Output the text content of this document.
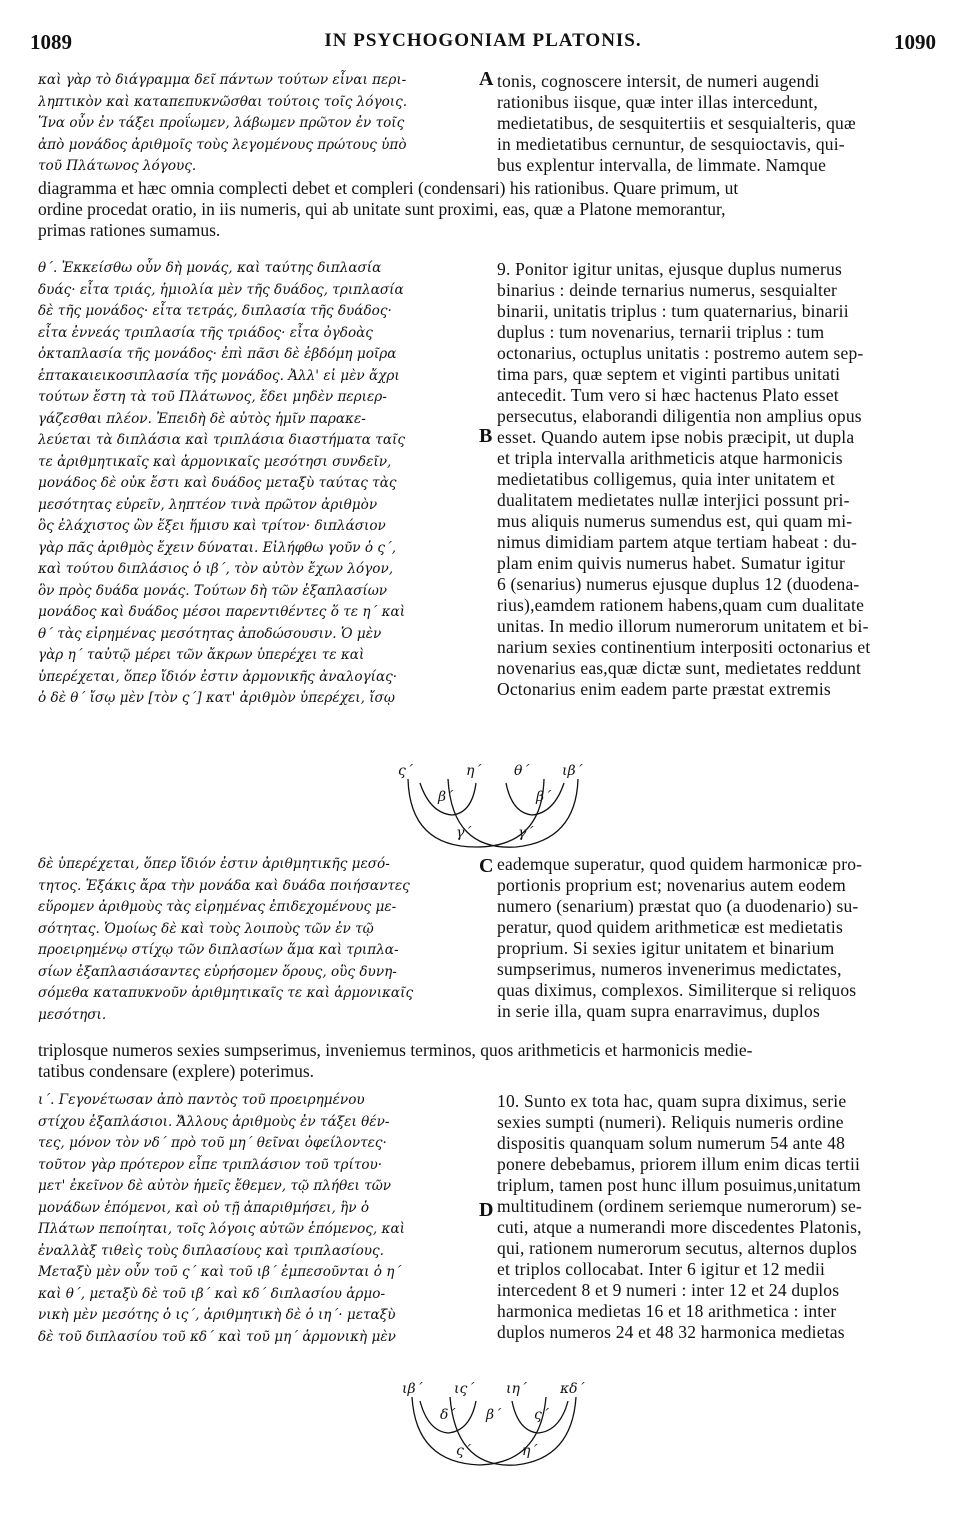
1089	IN PSYCHOGONIAM PLATONIS.	1090
καὶ γὰρ τὸ διάγραμμα δεῖ πάντων τούτων εἶναι περι-
ληπτικὸν καὶ καταπεπυκνῶσθαι τούτοις τοῖς λόγοις.
Ἵνα οὖν ἐν τάξει προΐωμεν, λάβωμεν πρῶτον ἐν τοῖς
ἀπὸ μονάδος ἀριθμοῖς τοὺς λεγομένους πρώτους ὑπὸ
τοῦ Πλάτωνος λόγους.
A tonis, cognoscere intersit, de numeri augendi
rationibus iisque, quæ inter illas intercedunt,
medietatibus, de sesquitertiis et sesquialteris, quæ
in medietatibus cernuntur, de sesquioctavis, qui-
bus explentur intervalla, de limmate. Namque
diagramma et hæc omnia complecti debet et compleri (condensari) his rationibus. Quare primum, ut
ordine procedat oratio, in iis numeris, qui ab unitate sunt proximi, eas, quæ a Platone memorantur,
primas rationes sumamus.
θ΄. Ἐκκείσθω οὖν δὴ μονάς, καὶ ταύτης διπλασία
δυάς· εἶτα τριάς, ἡμιολία μὲν τῆς δυάδος, τριπλασία
δὲ τῆς μονάδος· εἶτα τετράς, διπλασία τῆς δυάδος·
εἶτα ἐννεάς τριπλασία τῆς τριάδος· εἶτα ὀγδοὰς
ὀκταπλασία τῆς μονάδος· ἐπὶ πᾶσι δὲ ἑβδόμη μοῖρα
ἑπτακαιεικοσιπλασία τῆς μονάδος. Ἀλλ' εἰ μὲν ἄχρι
τούτων ἔστη τὰ τοῦ Πλάτωνος, ἔδει μηδὲν περιερ-
γάζεσθαι πλέον. Ἐπειδὴ δὲ αὐτὸς ἡμῖν παρακε-
λεύεται τὰ διπλάσια καὶ τριπλάσια διαστήματα ταῖς
τε ἀριθμητικαῖς καὶ ἁρμονικαῖς μεσότησι συνδεῖν,
μονάδος δὲ οὐκ ἔστι καὶ δυάδος μεταξὺ ταύτας τὰς
μεσότητας εὑρεῖν, ληπτέον τινὰ πρῶτον ἀριθμὸν
ὃς ἐλάχιστος ὢν ἕξει ἥμισυ καὶ τρίτον· διπλάσιον
γὰρ πᾶς ἀριθμὸς ἔχειν δύναται. Εἰλήφθω γοῦν ὁ ς΄,
καὶ τούτου διπλάσιος ὁ ιβ΄, τὸν αὐτὸν ἔχων λόγον,
ὃν πρὸς δυάδα μονάς. Τούτων δὴ τῶν ἑξαπλασίων
μονάδος καὶ δυάδος μέσοι παρεντιθέντες ὅ τε η΄ καὶ
θ΄ τὰς εἰρημένας μεσότητας ἀποδώσουσιν. Ὁ μὲν
γὰρ η΄ ταὐτῷ μέρει τῶν ἄκρων ὑπερέχει τε καὶ
ὑπερέχεται, ὅπερ ἴδιόν ἐστιν ἁρμονικῆς ἀναλογίας·
ὁ δὲ θ΄ ἴσῳ μὲν [τὸν ς΄] κατ' ἀριθμὸν ὑπερέχει, ἴσῳ
B
9. Ponitor igitur unitas, ejusque duplus numerus
binarius : deinde ternarius numerus, sesquialter
binarii, unitatis triplus : tum quaternarius, binarii
duplus : tum novenarius, ternarii triplus : tum
octonarius, octuplus unitatis : postremo autem sep-
tima pars, quæ septem et viginti partibus unitati
antecedit. Tum vero si hæc hactenus Plato esset
persecutus, elaborandi diligentia non amplius opus
esset. Quando autem ipse nobis præcipit, ut dupla
et tripla intervalla arithmeticis atque harmonicis
medietatibus colligemus, quia inter unitatem et
dualitatem medietates nullæ interjici possunt pri-
mus aliquis numerus sumendus est, qui quam mi-
nimus dimidiam partem atque tertiam habeat : du-
plam enim quivis numerus habet. Sumatur igitur
6 (senarius) numerus ejusque duplus 12 (duodena-
rius),eamdem rationem habens,quam cum dualitate
unitas. In medio illorum numerorum unitatem et bi-
narium sexies continentium interpositi octonarius et
novenarius eas,quæ dictæ sunt, medietates reddunt
Octonarius enim eadem parte præstat extremis
ς΄	η΄ θ΄ ιβ΄
β΄
γ΄	γ΄
β΄
δὲ ὑπερέχεται, ὅπερ ἴδιόν ἐστιν ἀριθμητικῆς μεσό-
τητος. Ἑξάκις ἄρα τὴν μονάδα καὶ δυάδα ποιήσαντες
εὕρομεν ἀριθμοὺς τὰς εἰρημένας ἐπιδεχομένους με-
σότητας. Ὁμοίως δὲ καὶ τοὺς λοιποὺς τῶν ἐν τῷ
προειρημένῳ στίχῳ τῶν διπλασίων ἅμα καὶ τριπλα-
σίων ἐξαπλασιάσαντες εὑρήσομεν ὅρους, οὓς δυνη-
σόμεθα καταπυκνοῦν ἀριθμητικαῖς τε καὶ ἁρμονικαῖς
μεσότησι.
C eademque superatur, quod quidem harmonicæ pro-
portionis proprium est; novenarius autem eodem
numero (senarium) præstat quo (a duodenario) su-
peratur, quod quidem arithmeticæ est medietatis
proprium. Si sexies igitur unitatem et binarium
sumpserimus, numeros invenerimus medictates,
quas diximus, complexos. Similiterque si reliquos
in serie illa, quam supra enarravimus, duplos
triplosque numeros sexies sumpserimus, inveniemus terminos, quos arithmeticis et harmonicis medie-
tatibus condensare (explere) poterimus.
ι΄. Γεγονέτωσαν ἀπὸ παντὸς τοῦ προειρημένου
στίχου ἑξαπλάσιοι. Ἄλλους ἀριθμοὺς ἐν τάξει θέν-
τες, μόνον τὸν νδ΄ πρὸ τοῦ μη΄ θεῖναι ὀφείλοντες·
τοῦτον γὰρ πρότερον εἶπε τριπλάσιον τοῦ τρίτου·
μετ' ἐκεῖνον δὲ αὐτὸν ἡμεῖς ἔθεμεν, τῷ πλήθει τῶν
μονάδων ἑπόμενοι, καὶ οὐ τῇ ἀπαριθμήσει, ἣν ὁ
Πλάτων πεποίηται, τοῖς λόγοις αὐτῶν ἑπόμενος, καὶ
ἐναλλὰξ τιθεὶς τοὺς διπλασίους καὶ τριπλασίους.
Μεταξὺ μὲν οὖν τοῦ ς΄ καὶ τοῦ ιβ΄ ἐμπεσοῦνται ὁ η΄
καὶ θ΄, μεταξὺ δὲ τοῦ ιβ΄ καὶ κδ΄ διπλασίου ἁρμο-
νικὴ μὲν μεσότης ὁ ις΄, ἀριθμητικὴ δὲ ὁ ιη΄· μεταξὺ
δὲ τοῦ διπλασίου τοῦ κδ΄ καὶ τοῦ μη΄ ἁρμονικὴ μὲν
D
10. Sunto ex tota hac, quam supra diximus, serie
sexies sumpti (numeri). Reliquis numeris ordine
dispositis quanquam solum numerum 54 ante 48
ponere debebamus, priorem illum enim dicas tertii
triplum, tamen post hunc illum posuimus,unitatum
multitudinem (ordinem seriemque numerorum) se-
cuti, atque a numerandi more discedentes Platonis,
qui, rationem numerorum secutus, alternos duplos
et triplos collocabat. Inter 6 igitur et 12 medii
intercedent 8 et 9 numeri : inter 12 et 24 duplos
harmonica medietas 16 et 18 arithmetica : inter
duplos numeros 24 et 48 32 harmonica medietas
ιβ΄ ις΄ ιη΄ κδ΄
δ΄ β΄ ς΄
ς΄	η΄
